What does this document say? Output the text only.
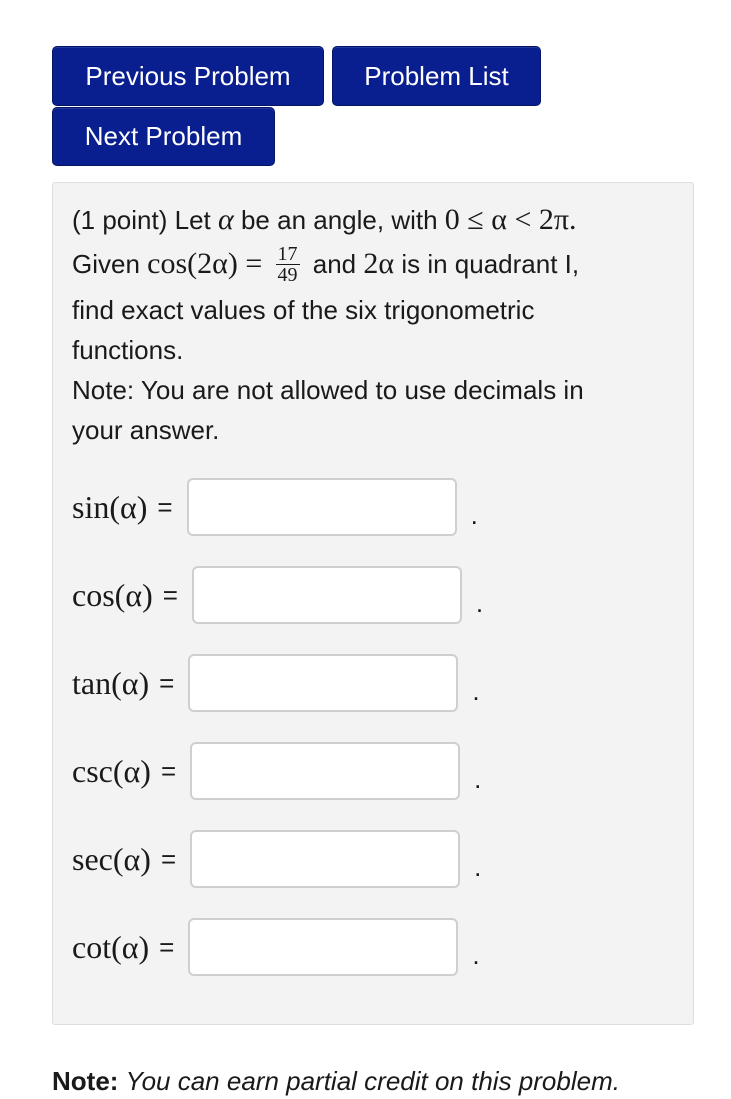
Previous Problem	Problem List
Next Problem
(1 point) Let α be an angle, with 0 ≤ α < 2π.
Given $\cos(2\alpha) = \frac{17}{49}$ and 2α is in quadrant I,
find exact values of the six trigonometric
functions.
Note: You are not allowed to use decimals in
your answer.
sin(α) =	.
cos(α) =	.
tan(α) =	.
csc(α) =	.
sec(α) =	.
cot(α) =	.
Note: You can earn partial credit on this problem.
